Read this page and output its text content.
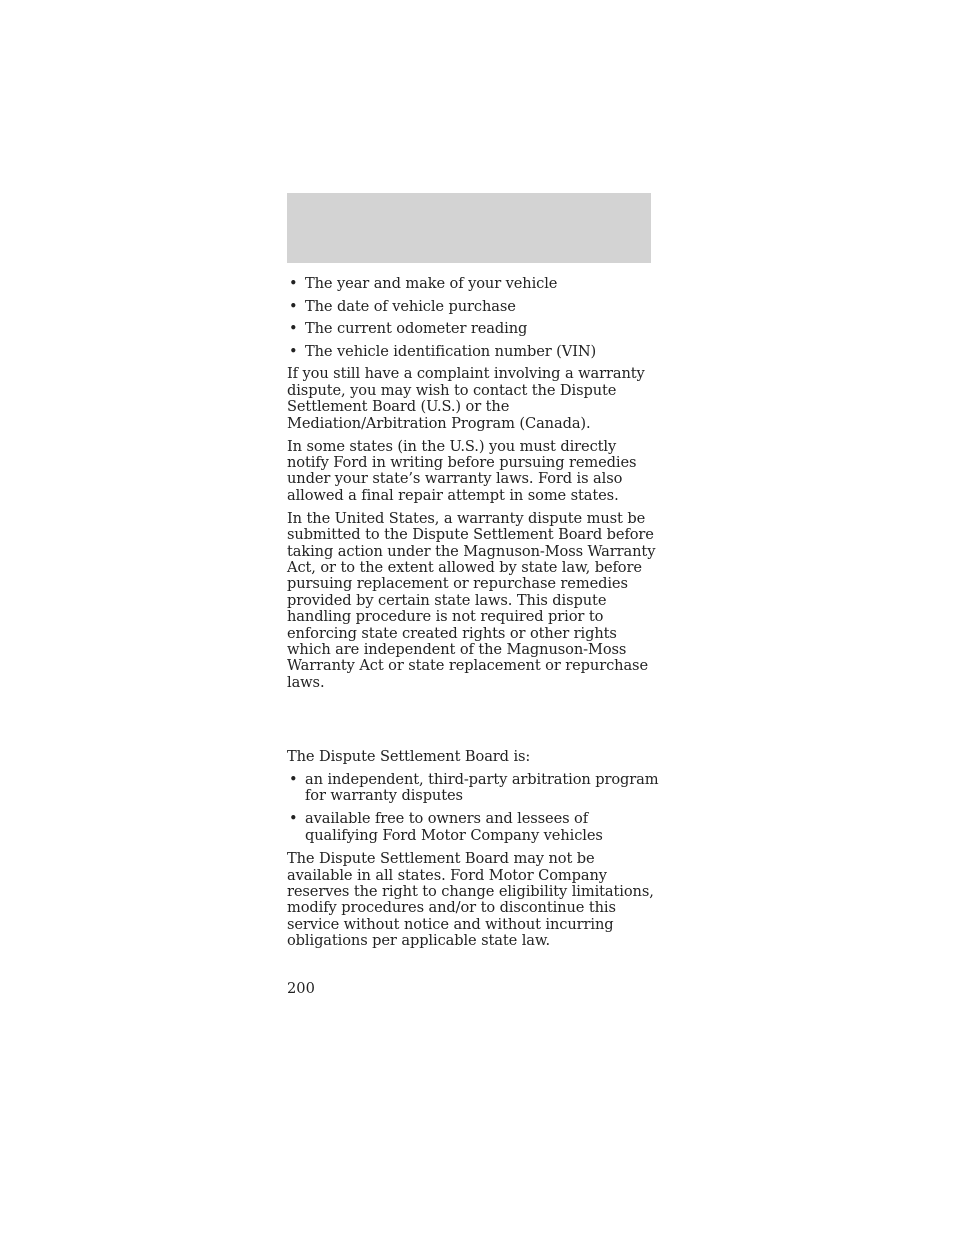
• The year and make of your vehicle
• The date of vehicle purchase
• The current odometer reading
• The vehicle identification number (VIN)

If you still have a complaint involving a warranty dispute, you may wish to contact the Dispute Settlement Board (U.S.) or the Mediation/Arbitration Program (Canada).

In some states (in the U.S.) you must directly notify Ford in writing before pursuing remedies under your state’s warranty laws. Ford is also allowed a final repair attempt in some states.

In the United States, a warranty dispute must be submitted to the Dispute Settlement Board before taking action under the Magnuson-Moss Warranty Act, or to the extent allowed by state law, before pursuing replacement or repurchase remedies provided by certain state laws. This dispute handling procedure is not required prior to enforcing state created rights or other rights which are independent of the Magnuson-Moss Warranty Act or state replacement or repurchase laws.

The Dispute Settlement Board is:

• an independent, third-party arbitration program for warranty disputes
• available free to owners and lessees of qualifying Ford Motor Company vehicles

The Dispute Settlement Board may not be available in all states. Ford Motor Company reserves the right to change eligibility limitations, modify procedures and/or to discontinue this service without notice and without incurring obligations per applicable state law.

200
